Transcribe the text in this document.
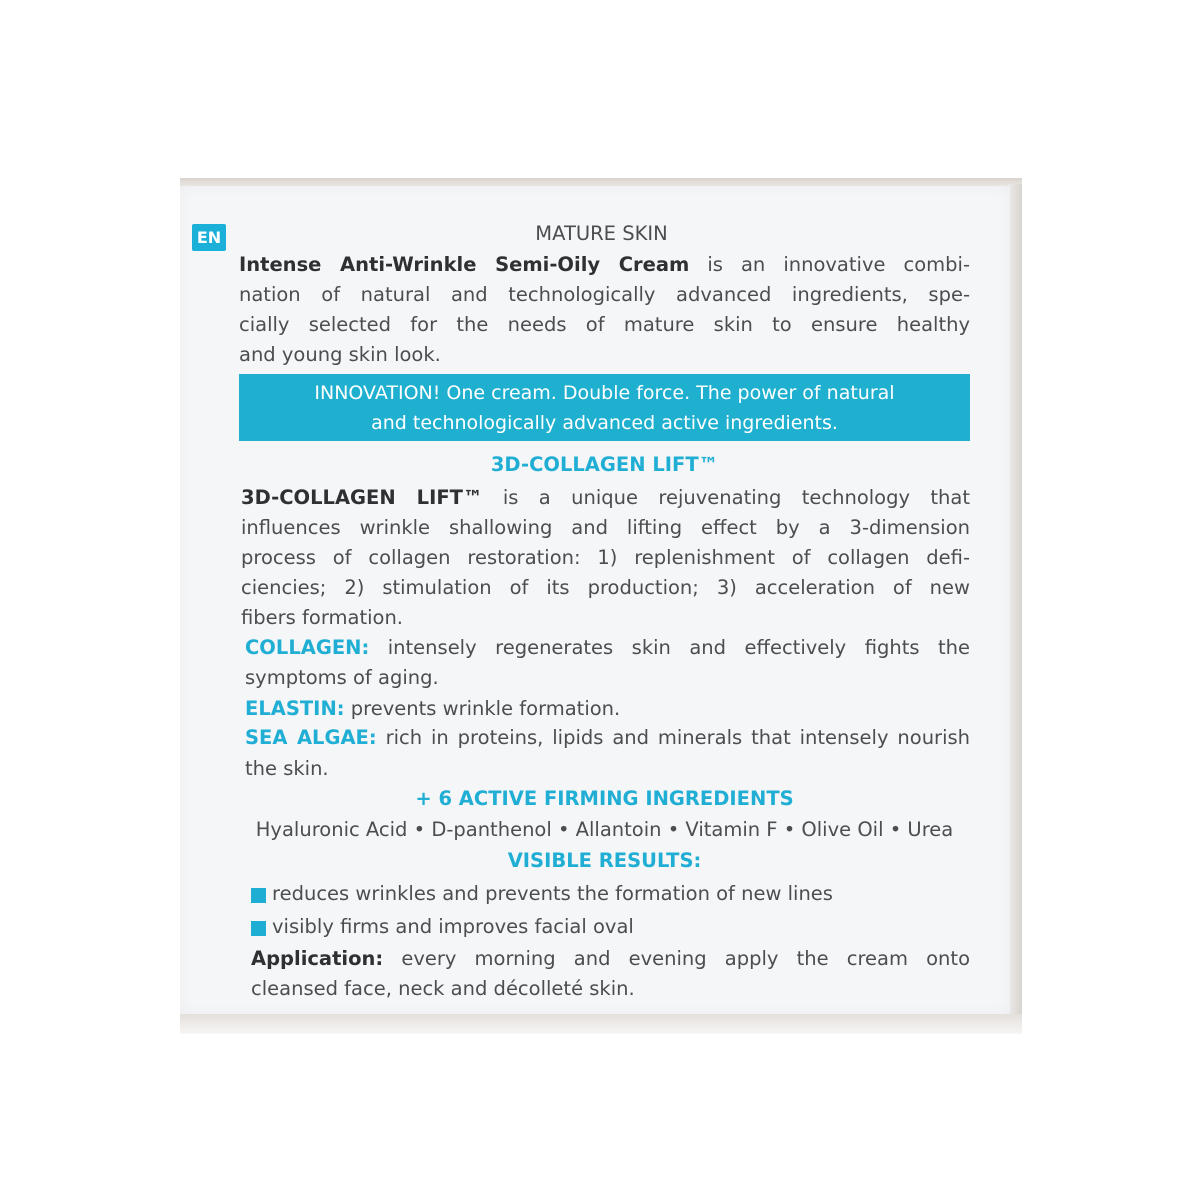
EN	MATURE SKIN

Intense Anti-Wrinkle Semi-Oily Cream is an innovative combi-

nation of natural and technologically advanced ingredients, spe-

cially selected for the needs of mature skin to ensure healthy

and young skin look.

INNOVATION! One cream. Double force. The power of natural

and technologically advanced active ingredients.

3D-COLLAGEN LIFT™

3D-COLLAGEN LIFT™ is a unique rejuvenating technology that

influences wrinkle shallowing and lifting effect by a 3-dimension

process of collagen restoration: 1) replenishment of collagen defi-

ciencies; 2) stimulation of its production; 3) acceleration of new

fibers formation.

COLLAGEN: intensely regenerates skin and effectively fights the

symptoms of aging.

ELASTIN: prevents wrinkle formation.

SEA ALGAE: rich in proteins, lipids and minerals that intensely nourish

the skin.

+ 6 ACTIVE FIRMING INGREDIENTS

Hyaluronic Acid • D-panthenol • Allantoin • Vitamin F • Olive Oil • Urea

VISIBLE RESULTS:

reduces wrinkles and prevents the formation of new lines

visibly firms and improves facial oval

Application: every morning and evening apply the cream onto

cleansed face, neck and décolleté skin.
